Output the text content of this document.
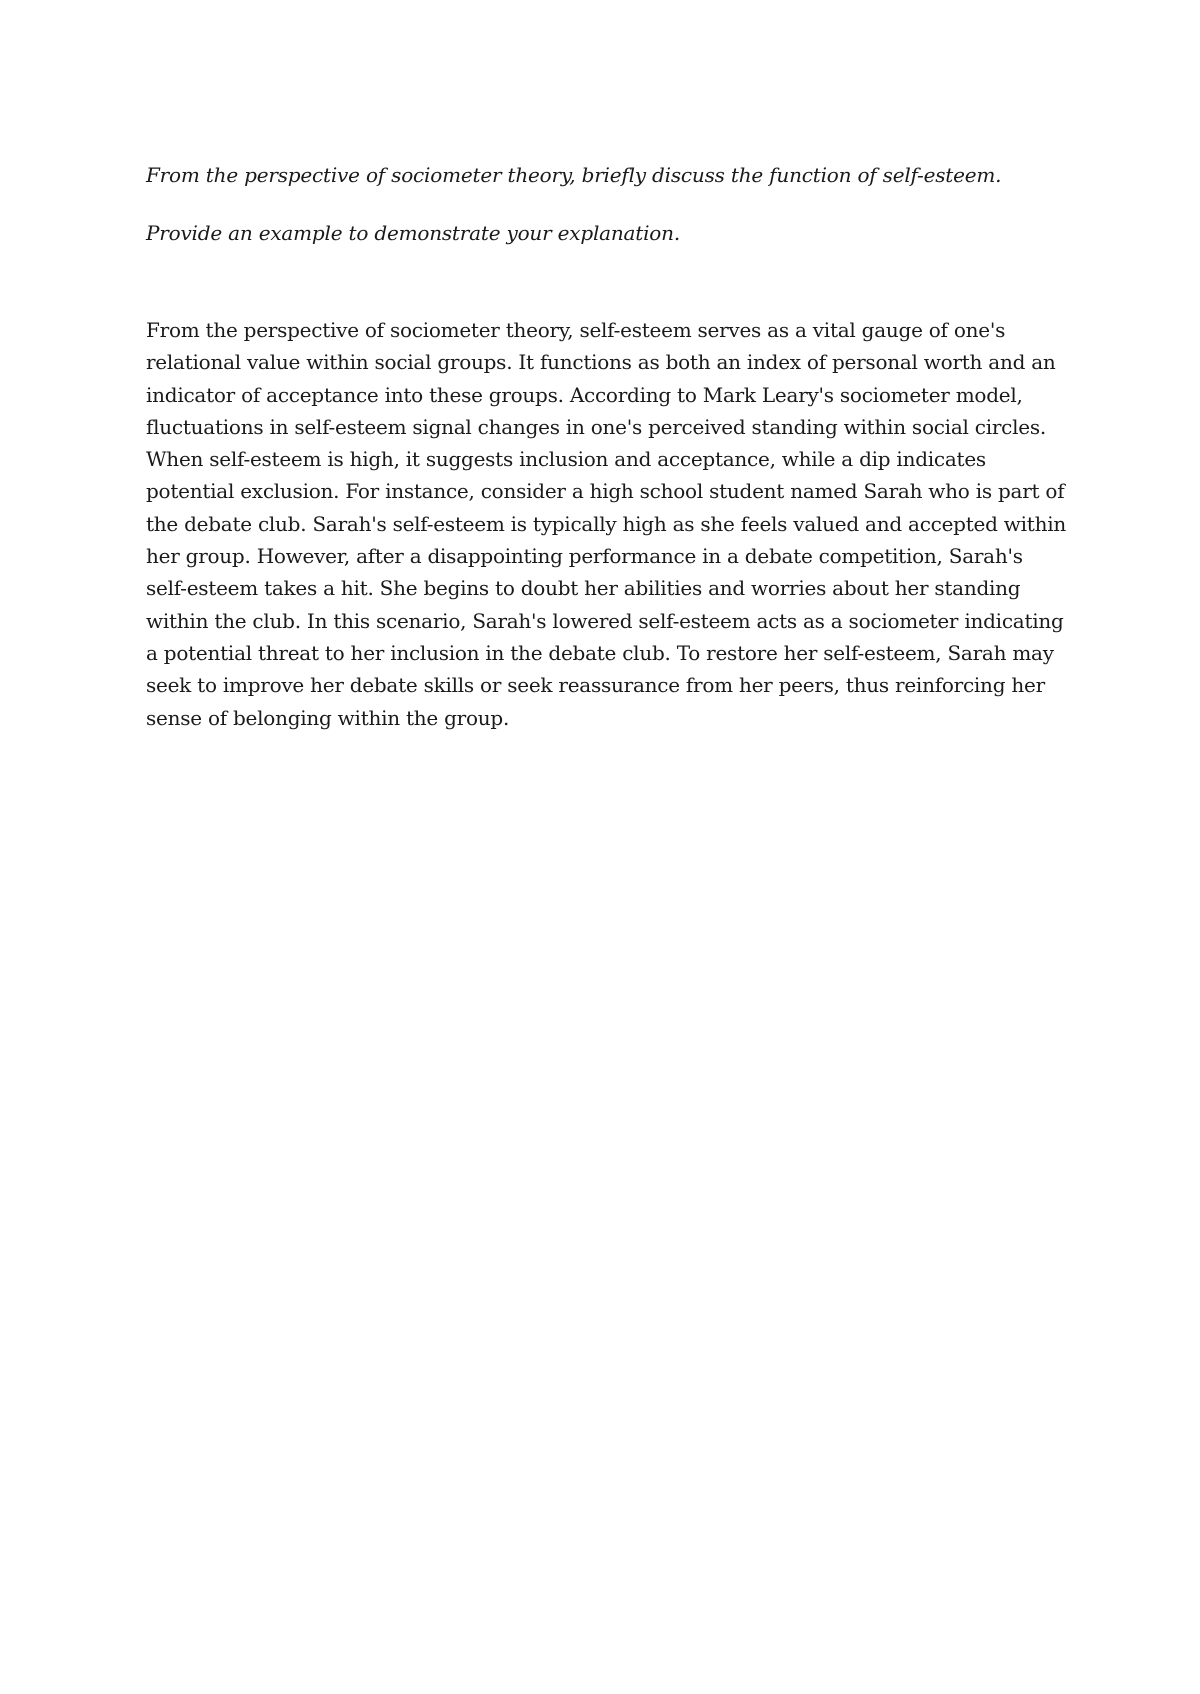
From the perspective of sociometer theory, briefly discuss the function of self-esteem.

Provide an example to demonstrate your explanation.

From the perspective of sociometer theory, self-esteem serves as a vital gauge of one's relational value within social groups. It functions as both an index of personal worth and an indicator of acceptance into these groups. According to Mark Leary's sociometer model, fluctuations in self-esteem signal changes in one's perceived standing within social circles. When self-esteem is high, it suggests inclusion and acceptance, while a dip indicates potential exclusion. For instance, consider a high school student named Sarah who is part of the debate club. Sarah's self-esteem is typically high as she feels valued and accepted within her group. However, after a disappointing performance in a debate competition, Sarah's self-esteem takes a hit. She begins to doubt her abilities and worries about her standing within the club. In this scenario, Sarah's lowered self-esteem acts as a sociometer indicating a potential threat to her inclusion in the debate club. To restore her self-esteem, Sarah may seek to improve her debate skills or seek reassurance from her peers, thus reinforcing her sense of belonging within the group.
